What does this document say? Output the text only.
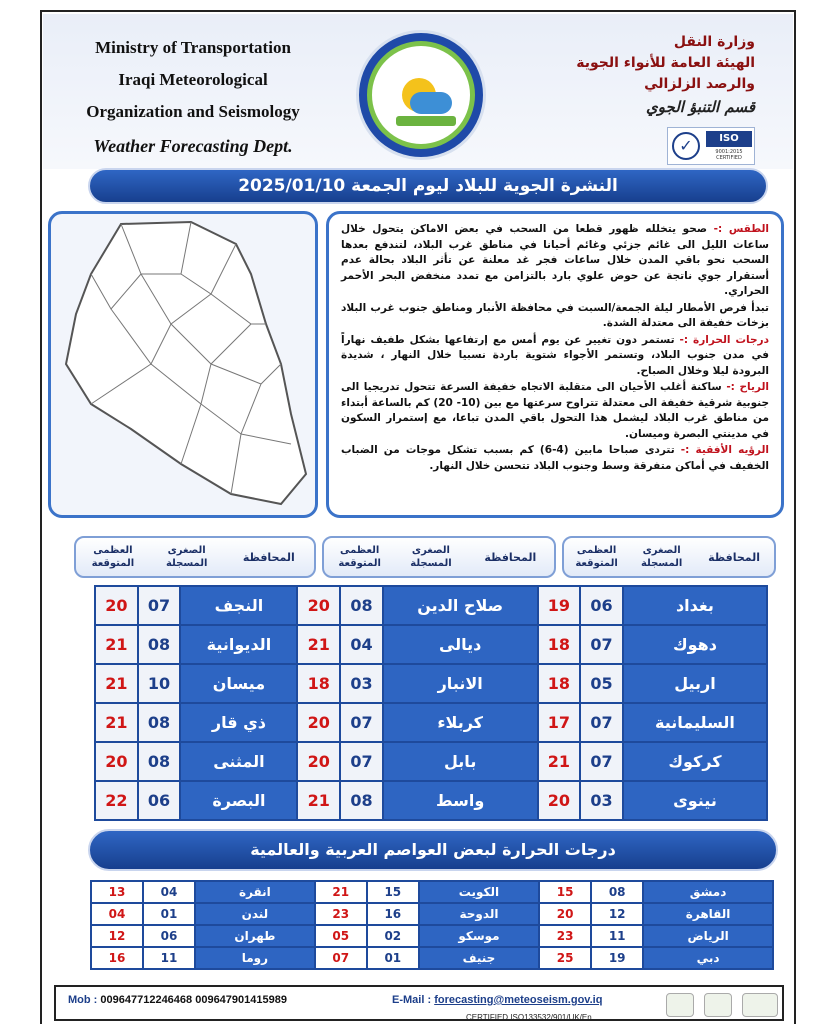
Ministry of Transportation
Iraqi Meteorological
Organization and Seismology
Weather Forecasting Dept.
وزارة النقل
الهيئة العامة للأنواء الجوية
والرصد الزلزالي
قسم التنبؤ الجوي
✓	ISO
9001:2015 CERTIFIED
النشرة الجوية للبلاد ليوم الجمعة 2025/01/10

الطقس :- صحو يتخلله ظهور قطعا من السحب في بعض الاماكن يتحول خلال ساعات الليل الى غائم جزئي وغائم أحيانا في مناطق غرب البلاد، لتندفع بعدها السحب نحو باقي المدن خلال ساعات فجر غد معلنة عن تأثر البلاد بحالة عدم أستقرار جوي ناتجة عن حوض علوي بارد بالتزامن مع تمدد منخفض البحر الأحمر الحراري.

تبدأ فرص الأمطار ليلة الجمعة/السبت في محافظة الأنبار ومناطق جنوب غرب البلاد بزخات خفيفة الى معتدلة الشدة.

درجات الحرارة :- تستمر دون تغيير عن يوم أمس مع إرتفاعها بشكل طفيف نهاراً في مدن جنوب البلاد، وتستمر الأجواء شتوية باردة نسبيا خلال النهار ، شديدة البرودة ليلا وخلال الصباح.

الرياح :- ساكنة أغلب الأحيان الى متقلبة الاتجاه خفيفة السرعة تتحول تدريجيا الى جنوبية شرقية خفيفة الى معتدلة تتراوح سرعتها مع بين (10- 20) كم بالساعة أبتداء من مناطق غرب البلاد ليشمل هذا التحول باقي المدن تباعا، مع إستمرار السكون في مدينتي البصرة وميسان.

الرؤيه الأفقية :- تتردى صباحا مابين (4-6) كم بسبب تشكل موجات من الضباب الخفيف في أماكن متفرقة وسط وجنوب البلاد تتحسن خلال النهار.

المحافظة
الصغرى المسجلة
العظمى المتوقعة
المحافظة
الصغرى المسجلة
العظمى المتوقعة
المحافظة
الصغرى المسجلة
العظمى المتوقعة
20	07	النجف	20	08	صلاح الدين	19	06	بغداد
21	08	الديوانية	21	04	ديالى	18	07	دهوك
21	10	ميسان	18	03	الانبار	18	05	اربيل
21	08	ذي قار	20	07	كربلاء	17	07	السليمانية
20	08	المثنى	20	07	بابل	21	07	كركوك
22	06	البصرة	21	08	واسط	20	03	نينوى
درجات الحرارة لبعض العواصم العربية والعالمية
13	04	انقرة	21	15	الكويت	15	08	دمشق
04	01	لندن	23	16	الدوحة	20	12	القاهرة
12	06	طهران	05	02	موسكو	23	11	الرياض
16	11	روما	07	01	جنيف	25	19	دبي
Mob : 009647712246468 009647901415989	E-Mail : forecasting@meteoseism.gov.iq
CERTIFIED ISO133532/901/UK/En
